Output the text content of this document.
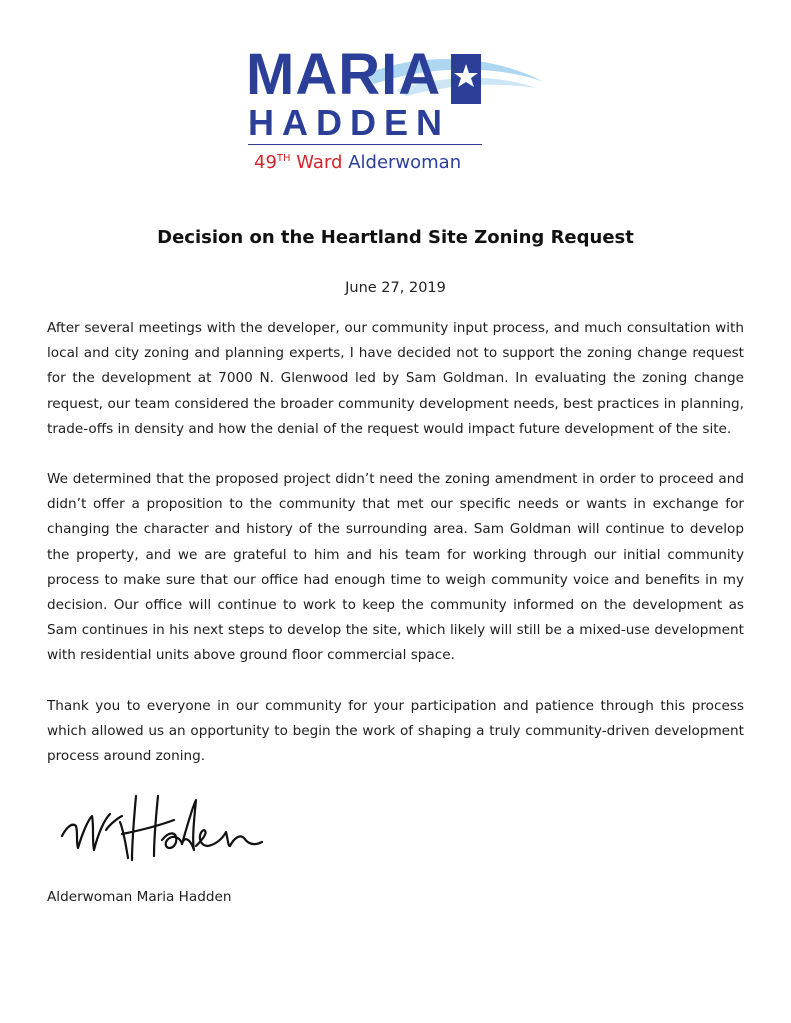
MARIA
HADDEN
49TH Ward Alderwoman
Decision on the Heartland Site Zoning Request
June 27, 2019

After several meetings with the developer, our community input process, and much consultation with local and city zoning and planning experts, I have decided not to support the zoning change request for the development at 7000 N. Glenwood led by Sam Goldman. In evaluating the zoning change request, our team considered the broader community development needs, best practices in planning, trade-offs in density and how the denial of the request would impact future development of the site.

We determined that the proposed project didn’t need the zoning amendment in order to proceed and didn’t offer a proposition to the community that met our specific needs or wants in exchange for changing the character and history of the surrounding area. Sam Goldman will continue to develop the property, and we are grateful to him and his team for working through our initial community process to make sure that our office had enough time to weigh community voice and benefits in my decision. Our office will continue to work to keep the community informed on the development as Sam continues in his next steps to develop the site, which likely will still be a mixed-use development with residential units above ground floor commercial space.

Thank you to everyone in our community for your participation and patience through this process which allowed us an opportunity to begin the work of shaping a truly community-driven development process around zoning.

Alderwoman Maria Hadden
